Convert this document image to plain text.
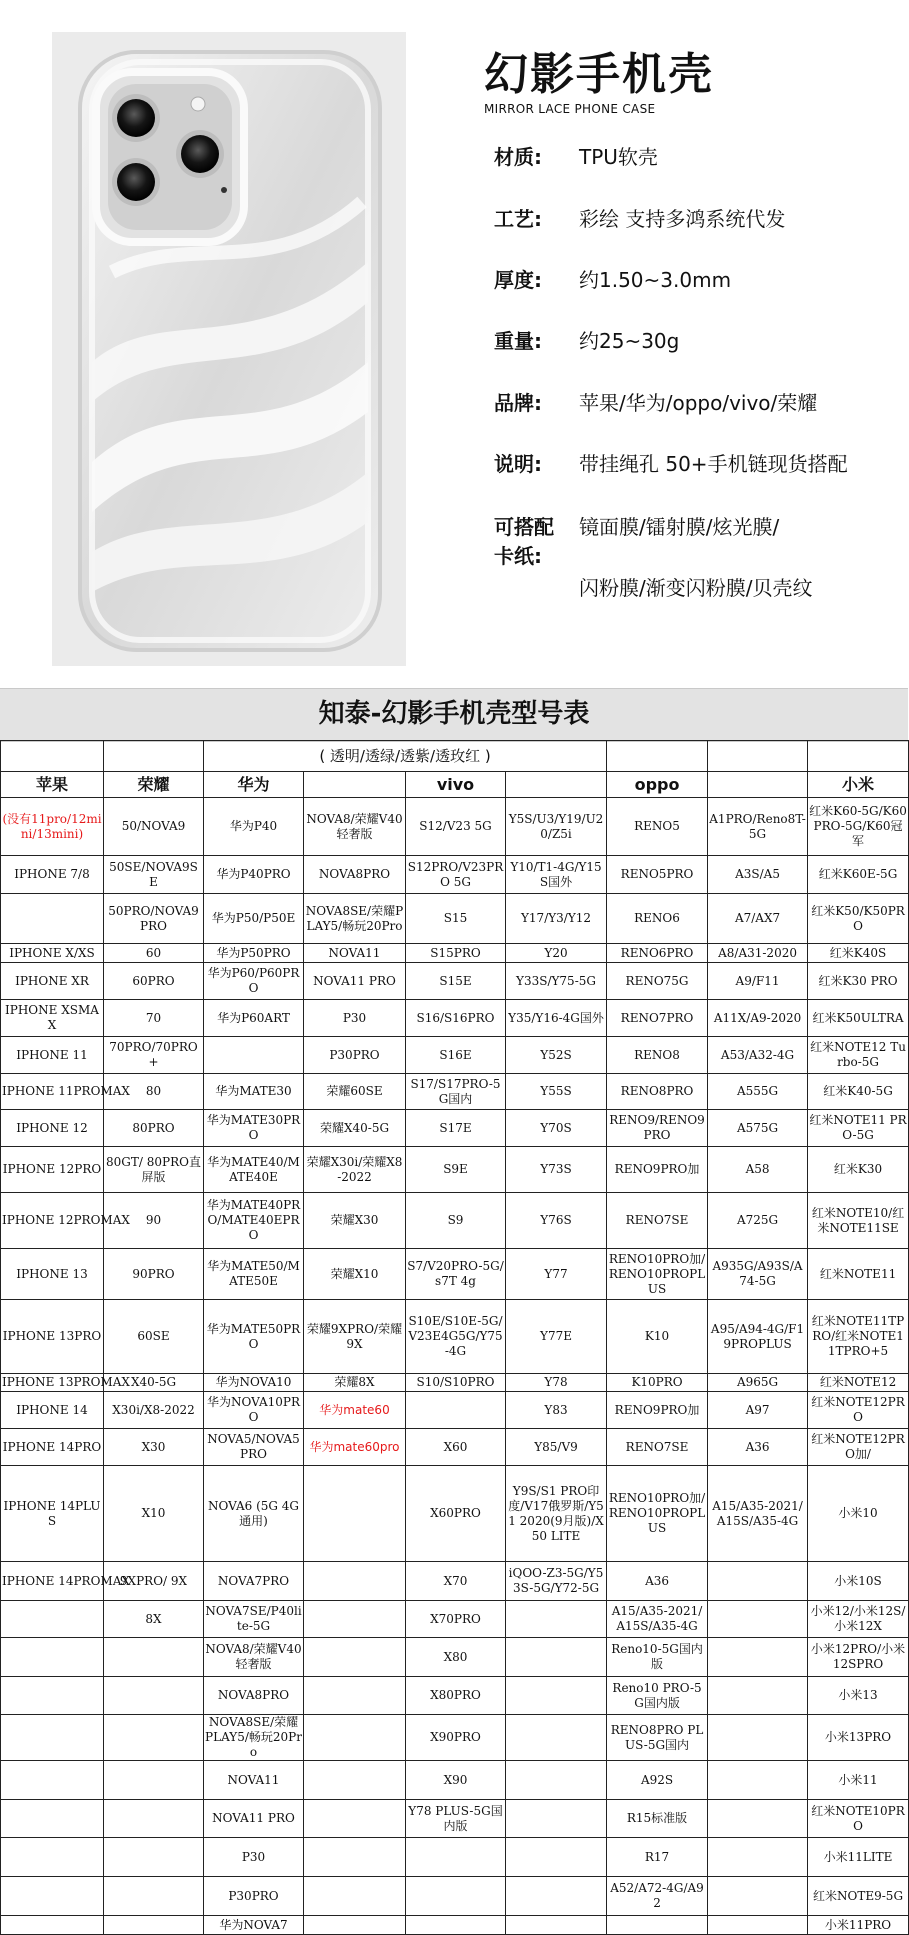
幻影手机壳
MIRROR LACE PHONE CASE
材质:	TPU软壳
工艺:	彩绘 支持多鸿系统代发
厚度:	约1.50~3.0mm
重量:	约25~30g
品牌:	苹果/华为/oppo/vivo/荣耀
说明:	带挂绳孔 50+手机链现货搭配
可搭配卡纸:
镜面膜/镭射膜/炫光膜/
闪粉膜/渐变闪粉膜/贝壳纹
知泰-幻影手机壳型号表
		( 透明/透绿/透紫/透玫红 )						
苹果	荣耀	华为		vivo		oppo		小米
(没有11pro/12mini/13mini)	50/NOVA9	华为P40	NOVA8/荣耀V40 轻奢版	S12/V23 5G	Y5S/U3/Y19/U20/Z5i	RENO5	A1PRO/Reno8T-5G	红米K60-5G/K60PRO-5G/K60冠军
IPHONE 7/8	50SE/NOVA9SE	华为P40PRO	NOVA8PRO	S12PRO/V23PRO 5G	Y10/T1-4G/Y15S国外	RENO5PRO	A3S/A5	红米K60E-5G
	50PRO/NOVA9PRO	华为P50/P50E	NOVA8SE/荣耀PLAY5/畅玩20Pro	S15	Y17/Y3/Y12	RENO6	A7/AX7	红米K50/K50PRO
IPHONE X/XS	60	华为P50PRO	NOVA11	S15PRO	Y20	RENO6PRO	A8/A31-2020	红米K40S
IPHONE XR	60PRO	华为P60/P60PRO	NOVA11 PRO	S15E	Y33S/Y75-5G	RENO75G	A9/F11	红米K30 PRO
IPHONE XSMAX	70	华为P60ART	P30	S16/S16PRO	Y35/Y16-4G国外	RENO7PRO	A11X/A9-2020	红米K50ULTRA
IPHONE 11	70PRO/70PRO+		P30PRO	S16E	Y52S	RENO8	A53/A32-4G	红米NOTE12 Turbo-5G
IPHONE 11PROMAX	80	华为MATE30	荣耀60SE	S17/S17PRO-5G国内	Y55S	RENO8PRO	A555G	红米K40-5G
IPHONE 12	80PRO	华为MATE30PRO	荣耀X40-5G	S17E	Y70S	RENO9/RENO9PRO	A575G	红米NOTE11 PRO-5G
IPHONE 12PRO	80GT/ 80PRO直屏版	华为MATE40/MATE40E	荣耀X30i/荣耀X8-2022	S9E	Y73S	RENO9PRO加	A58	红米K30
IPHONE 12PROMAX	90	华为MATE40PRO/MATE40EPRO	荣耀X30	S9	Y76S	RENO7SE	A725G	红米NOTE10/红米NOTE11SE
IPHONE 13	90PRO	华为MATE50/MATE50E	荣耀X10	S7/V20PRO-5G/s7T 4g	Y77	RENO10PRO加/RENO10PROPLUS	A935G/A93S/A74-5G	红米NOTE11
IPHONE 13PRO	60SE	华为MATE50PRO	荣耀9XPRO/荣耀9X	S10E/S10E-5G/V23E4G5G/Y75-4G	Y77E	K10	A95/A94-4G/F19PROPLUS	红米NOTE11TPRO/红米NOTE11TPRO+5
IPHONE 13PROMAX	X40-5G	华为NOVA10	荣耀8X	S10/S10PRO	Y78	K10PRO	A965G	红米NOTE12
IPHONE 14	X30i/X8-2022	华为NOVA10PRO	华为mate60		Y83	RENO9PRO加	A97	红米NOTE12PRO
IPHONE 14PRO	X30	NOVA5/NOVA5PRO	华为mate60pro	X60	Y85/V9	RENO7SE	A36	红米NOTE12PRO加/
IPHONE 14PLUS	X10	NOVA6 (5G 4G通用)		X60PRO	Y9S/S1 PRO印度/V17俄罗斯/Y51 2020(9月版)/X50 LITE	RENO10PRO加/RENO10PROPLUS	A15/A35-2021/A15S/A35-4G	小米10
IPHONE 14PROMAX	9XPRO/ 9X	NOVA7PRO		X70	iQOO-Z3-5G/Y53S-5G/Y72-5G	A36		小米10S
	8X	NOVA7SE/P40lite-5G		X70PRO		A15/A35-2021/A15S/A35-4G		小米12/小米12S/小米12X
		NOVA8/荣耀V40 轻奢版		X80		Reno10-5G国内版		小米12PRO/小米12SPRO
		NOVA8PRO		X80PRO		Reno10 PRO-5G国内版		小米13
		NOVA8SE/荣耀PLAY5/畅玩20Pro		X90PRO		RENO8PRO PLUS-5G国内		小米13PRO
		NOVA11		X90		A92S		小米11
		NOVA11 PRO		Y78 PLUS-5G国内版		R15标准版		红米NOTE10PRO
		P30				R17		小米11LITE
		P30PRO				A52/A72-4G/A92		红米NOTE9-5G
		华为NOVA7						小米11PRO
